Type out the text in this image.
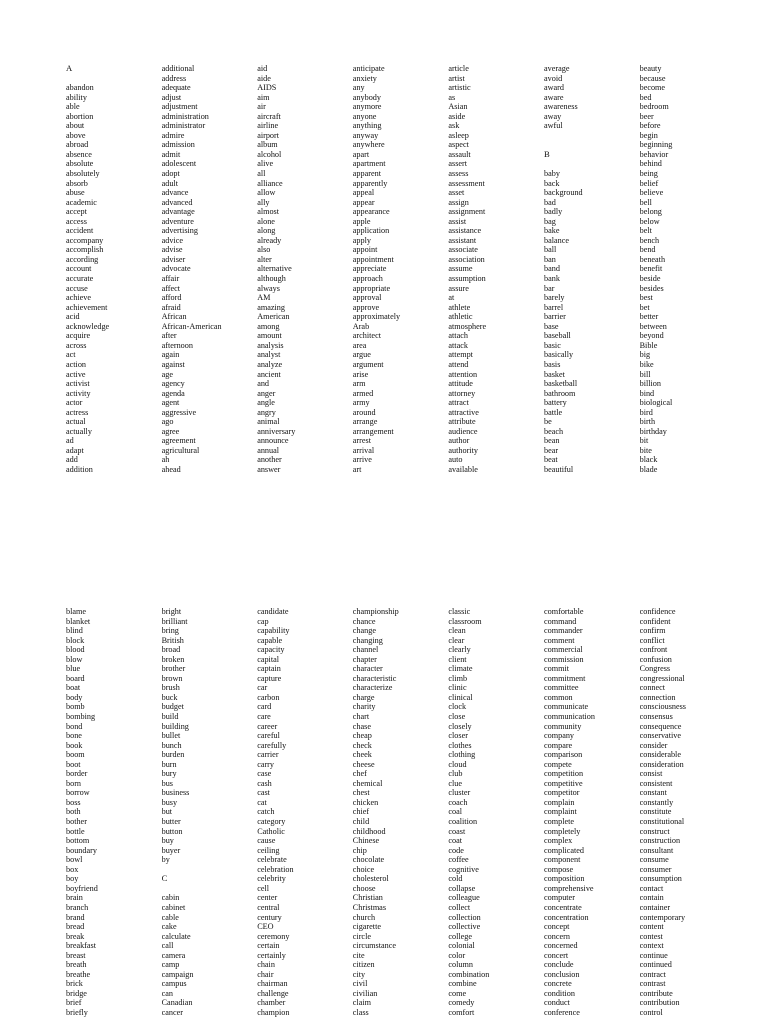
A
abandon
ability
able
abortion
about
above
abroad
absence
absolute
absolutely
absorb
abuse
academic
accept
access
accident
accompany
accomplish
according
account
accurate
accuse
achieve
achievement
acid
acknowledge
acquire
across
act
action
active
activist
activity
actor
actress
actual
actually
ad
adapt
add
addition
additional
address
adequate
adjust
adjustment
administration
administrator
admire
admission
admit
adolescent
adopt
adult
advance
advanced
advantage
adventure
advertising
advice
advise
adviser
advocate
affair
affect
afford
afraid
African
African-American
after
afternoon
again
against
age
agency
agenda
agent
aggressive
ago
agree
agreement
agricultural
ah
ahead
aid
aide
AIDS
aim
air
aircraft
airline
airport
album
alcohol
alive
all
alliance
allow
ally
almost
alone
along
already
also
alter
alternative
although
always
AM
amazing
American
among
amount
analysis
analyst
analyze
ancient
and
anger
angle
angry
animal
anniversary
announce
annual
another
answer
anticipate
anxiety
any
anybody
anymore
anyone
anything
anyway
anywhere
apart
apartment
apparent
apparently
appeal
appear
appearance
apple
application
apply
appoint
appointment
appreciate
approach
appropriate
approval
approve
approximately
Arab
architect
area
argue
argument
arise
arm
armed
army
around
arrange
arrangement
arrest
arrival
arrive
art
article
artist
artistic
as
Asian
aside
ask
asleep
aspect
assault
assert
assess
assessment
asset
assign
assignment
assist
assistance
assistant
associate
association
assume
assumption
assure
at
athlete
athletic
atmosphere
attach
attack
attempt
attend
attention
attitude
attorney
attract
attractive
attribute
audience
author
authority
auto
available
average
avoid
award
aware
awareness
away
awful
B
baby
back
background
bad
badly
bag
bake
balance
ball
ban
band
bank
bar
barely
barrel
barrier
base
baseball
basic
basically
basis
basket
basketball
bathroom
battery
battle
be
beach
bean
bear
beat
beautiful
beauty
because
become
bed
bedroom
beer
before
begin
beginning
behavior
behind
being
belief
believe
bell
belong
below
belt
bench
bend
beneath
benefit
beside
besides
best
bet
better
between
beyond
Bible
big
bike
bill
billion
bind
biological
bird
birth
birthday
bit
bite
black
blade
blame
blanket
blind
block
blood
blow
blue
board
boat
body
bomb
bombing
bond
bone
book
boom
boot
border
born
borrow
boss
both
bother
bottle
bottom
boundary
bowl
box
boy
boyfriend
brain
branch
brand
bread
break
breakfast
breast
breath
breathe
brick
bridge
brief
briefly
bright
brilliant
bring
British
broad
broken
brother
brown
brush
buck
budget
build
building
bullet
bunch
burden
burn
bury
bus
business
busy
but
butter
button
buy
buyer
by
C
cabin
cabinet
cable
cake
calculate
call
camera
camp
campaign
campus
can
Canadian
cancer
candidate
cap
capability
capable
capacity
capital
captain
capture
car
carbon
card
care
career
careful
carefully
carrier
carry
case
cash
cast
cat
catch
category
Catholic
cause
ceiling
celebrate
celebration
celebrity
cell
center
central
century
CEO
ceremony
certain
certainly
chain
chair
chairman
challenge
chamber
champion
championship
chance
change
changing
channel
chapter
character
characteristic
characterize
charge
charity
chart
chase
cheap
check
cheek
cheese
chef
chemical
chest
chicken
chief
child
childhood
Chinese
chip
chocolate
choice
cholesterol
choose
Christian
Christmas
church
cigarette
circle
circumstance
cite
citizen
city
civil
civilian
claim
class
classic
classroom
clean
clear
clearly
client
climate
climb
clinic
clinical
clock
close
closely
closer
clothes
clothing
cloud
club
clue
cluster
coach
coal
coalition
coast
coat
code
coffee
cognitive
cold
collapse
colleague
collect
collection
collective
college
colonial
color
column
combination
combine
come
comedy
comfort
comfortable
command
commander
comment
commercial
commission
commit
commitment
committee
common
communicate
communication
community
company
compare
comparison
compete
competition
competitive
competitor
complain
complaint
complete
completely
complex
complicated
component
compose
composition
comprehensive
computer
concentrate
concentration
concept
concern
concerned
concert
conclude
conclusion
concrete
condition
conduct
conference
confidence
confident
confirm
conflict
confront
confusion
Congress
congressional
connect
connection
consciousness
consensus
consequence
conservative
consider
considerable
consideration
consist
consistent
constant
constantly
constitute
constitutional
construct
construction
consultant
consume
consumer
consumption
contact
contain
container
contemporary
content
contest
context
continue
continued
contract
contrast
contribute
contribution
control
